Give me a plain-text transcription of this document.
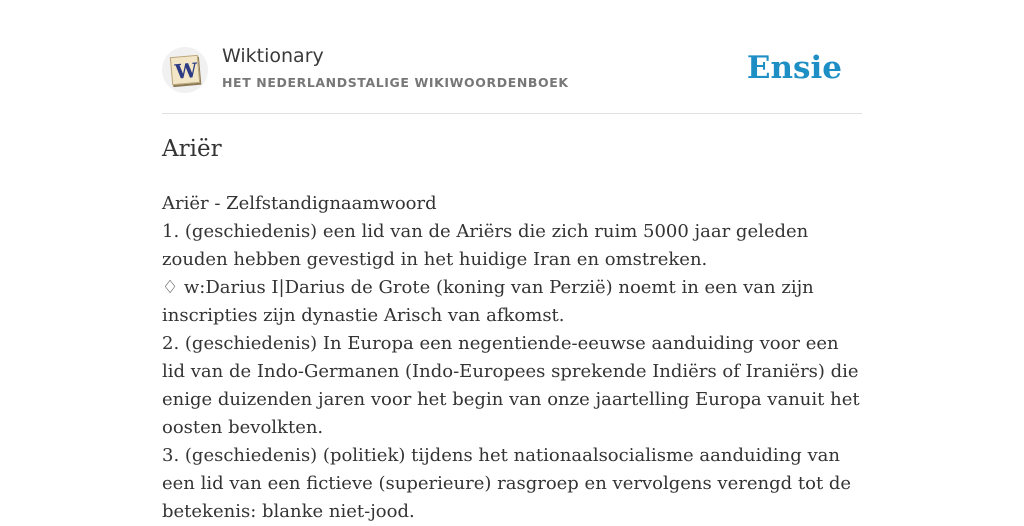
W
Wiktionary
HET NEDERLANDSTALIGE WIKIWOORDENBOEK	Ensie
Ariër
Ariër - Zelfstandignaamwoord
1. (geschiedenis) een lid van de Ariërs die zich ruim 5000 jaar geleden zouden hebben gevestigd in het huidige Iran en omstreken.
♢ w:Darius I|Darius de Grote (koning van Perzië) noemt in een van zijn inscripties zijn dynastie Arisch van afkomst.
2. (geschiedenis) In Europa een negentiende-eeuwse aanduiding voor een lid van de Indo-Germanen (Indo-Europees sprekende Indiërs of Iraniërs) die enige duizenden jaren voor het begin van onze jaartelling Europa vanuit het oosten bevolkten.
3. (geschiedenis) (politiek) tijdens het nationaalsocialisme aanduiding van een lid van een fictieve (superieure) rasgroep en vervolgens verengd tot de betekenis: blanke niet-jood.
